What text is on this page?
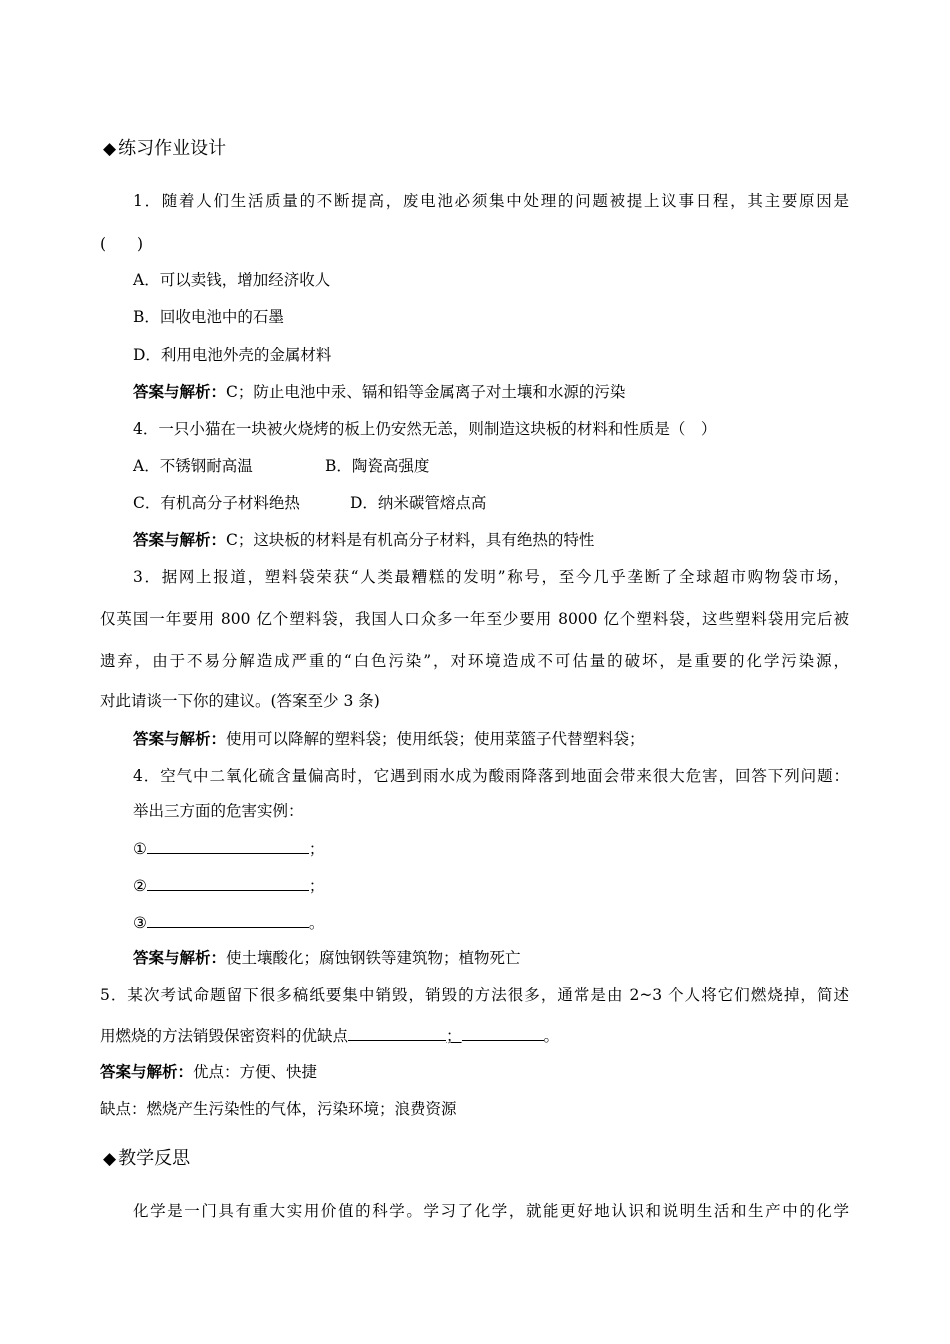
◆ 练习作业设计
1．随着人们生活质量的不断提高，废电池必须集中处理的问题被提上议事日程，其主要原因是
(　　)
A．可以卖钱，增加经济收人
B．回收电池中的石墨
D．利用电池外壳的金属材料
答案与解析：C；防止电池中汞、镉和铅等金属离子对土壤和水源的污染
4．一只小猫在一块被火烧烤的板上仍安然无恙，则制造这块板的材料和性质是（　）
A．不锈钢耐高温	B．陶瓷高强度
C．有机高分子材料绝热	D．纳米碳管熔点高
答案与解析：C；这块板的材料是有机高分子材料，具有绝热的特性
3．据网上报道，塑料袋荣获“人类最糟糕的发明”称号，至今几乎垄断了全球超市购物袋市场，
仅英国一年要用 800 亿个塑料袋，我国人口众多一年至少要用 8000 亿个塑料袋，这些塑料袋用完后被
遗弃，由于不易分解造成严重的“白色污染”，对环境造成不可估量的破坏，是重要的化学污染源，
对此请谈一下你的建议。(答案至少 3 条)
答案与解析：使用可以降解的塑料袋；使用纸袋；使用菜篮子代替塑料袋；
4．空气中二氧化硫含量偏高时，它遇到雨水成为酸雨降落到地面会带来很大危害，回答下列问题：
举出三方面的危害实例：
①	；
②	；
③	。
答案与解析：使土壤酸化；腐蚀钢铁等建筑物；植物死亡
5．某次考试命题留下很多稿纸要集中销毁，销毁的方法很多，通常是由 2~3 个人将它们燃烧掉，简述
用燃烧的方法销毁保密资料的优缺点	；	。
答案与解析：优点：方便、快捷
缺点：燃烧产生污染性的气体，污染环境；浪费资源
◆ 教学反思
化学是一门具有重大实用价值的科学。学习了化学，就能更好地认识和说明生活和生产中的化学
